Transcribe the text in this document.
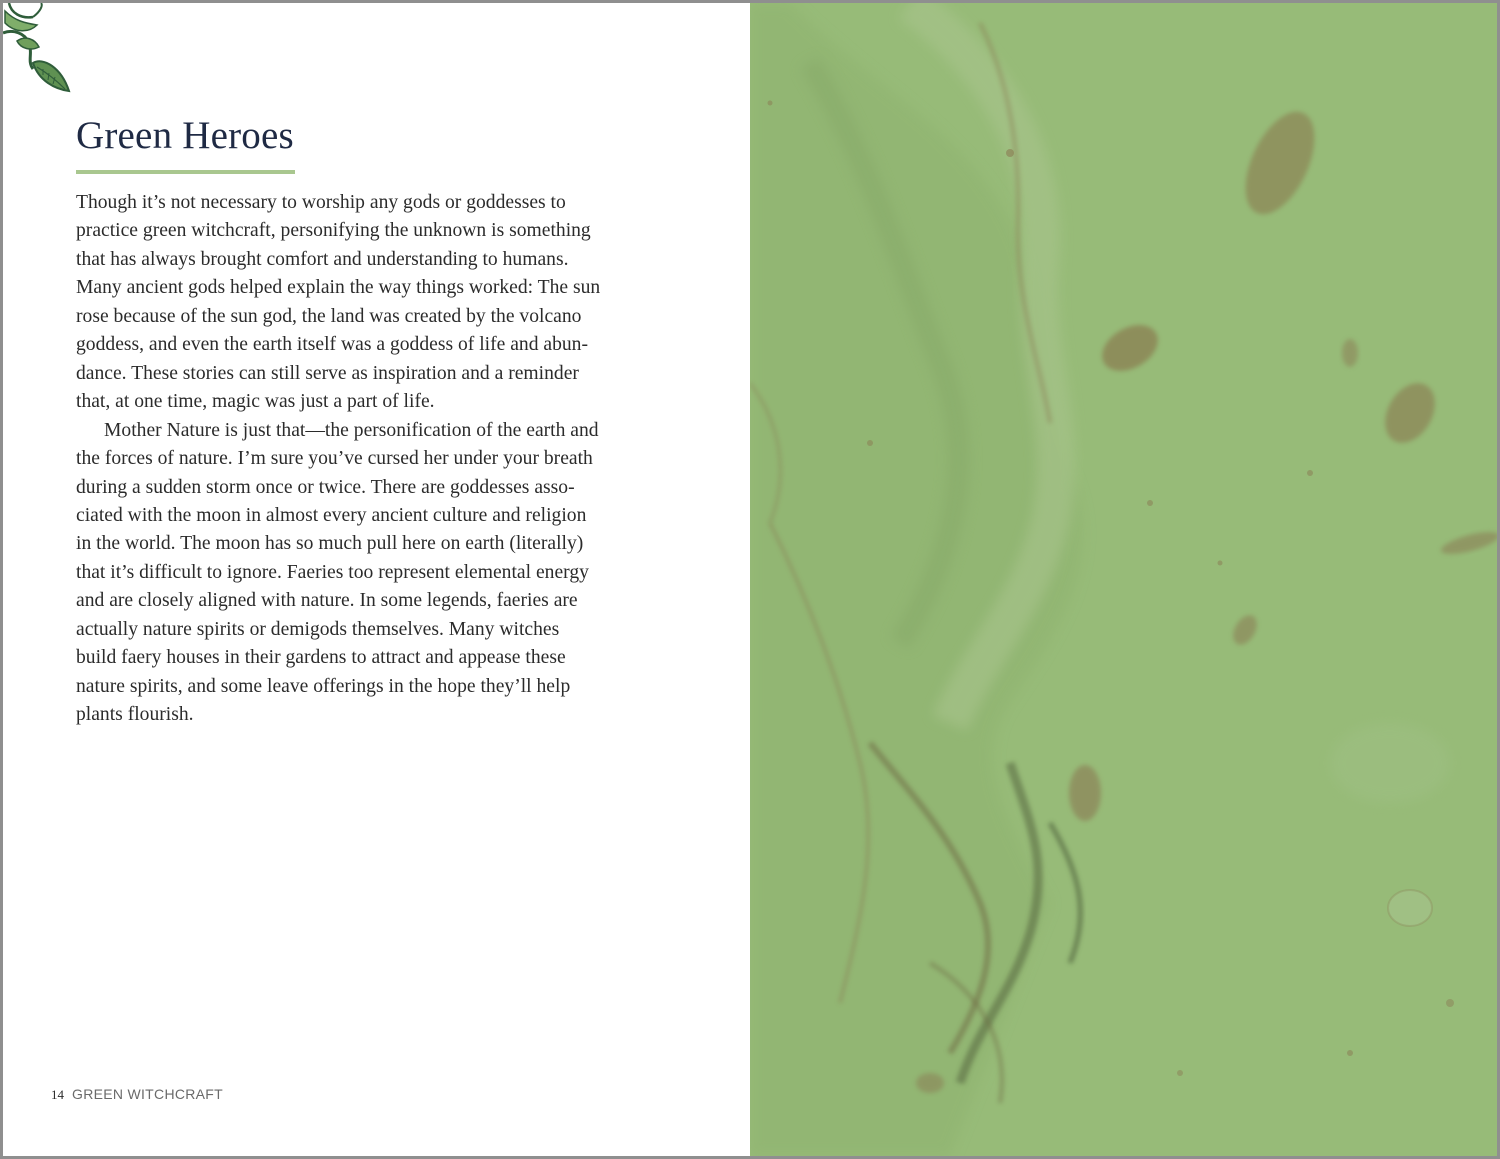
Green Heroes
Though it’s not necessary to worship any gods or goddesses to
practice green witchcraft, personifying the unknown is something
that has always brought comfort and understanding to humans.
Many ancient gods helped explain the way things worked: The sun
rose because of the sun god, the land was created by the volcano
goddess, and even the earth itself was a goddess of life and abun-
dance. These stories can still serve as inspiration and a reminder
that, at one time, magic was just a part of life.
Mother Nature is just that—the personification of the earth and
the forces of nature. I’m sure you’ve cursed her under your breath
during a sudden storm once or twice. There are goddesses asso-
ciated with the moon in almost every ancient culture and religion
in the world. The moon has so much pull here on earth (literally)
that it’s difficult to ignore. Faeries too represent elemental energy
and are closely aligned with nature. In some legends, faeries are
actually nature spirits or demigods themselves. Many witches
build faery houses in their gardens to attract and appease these
nature spirits, and some leave offerings in the hope they’ll help
plants flourish.
14 GREEN WITCHCRAFT
